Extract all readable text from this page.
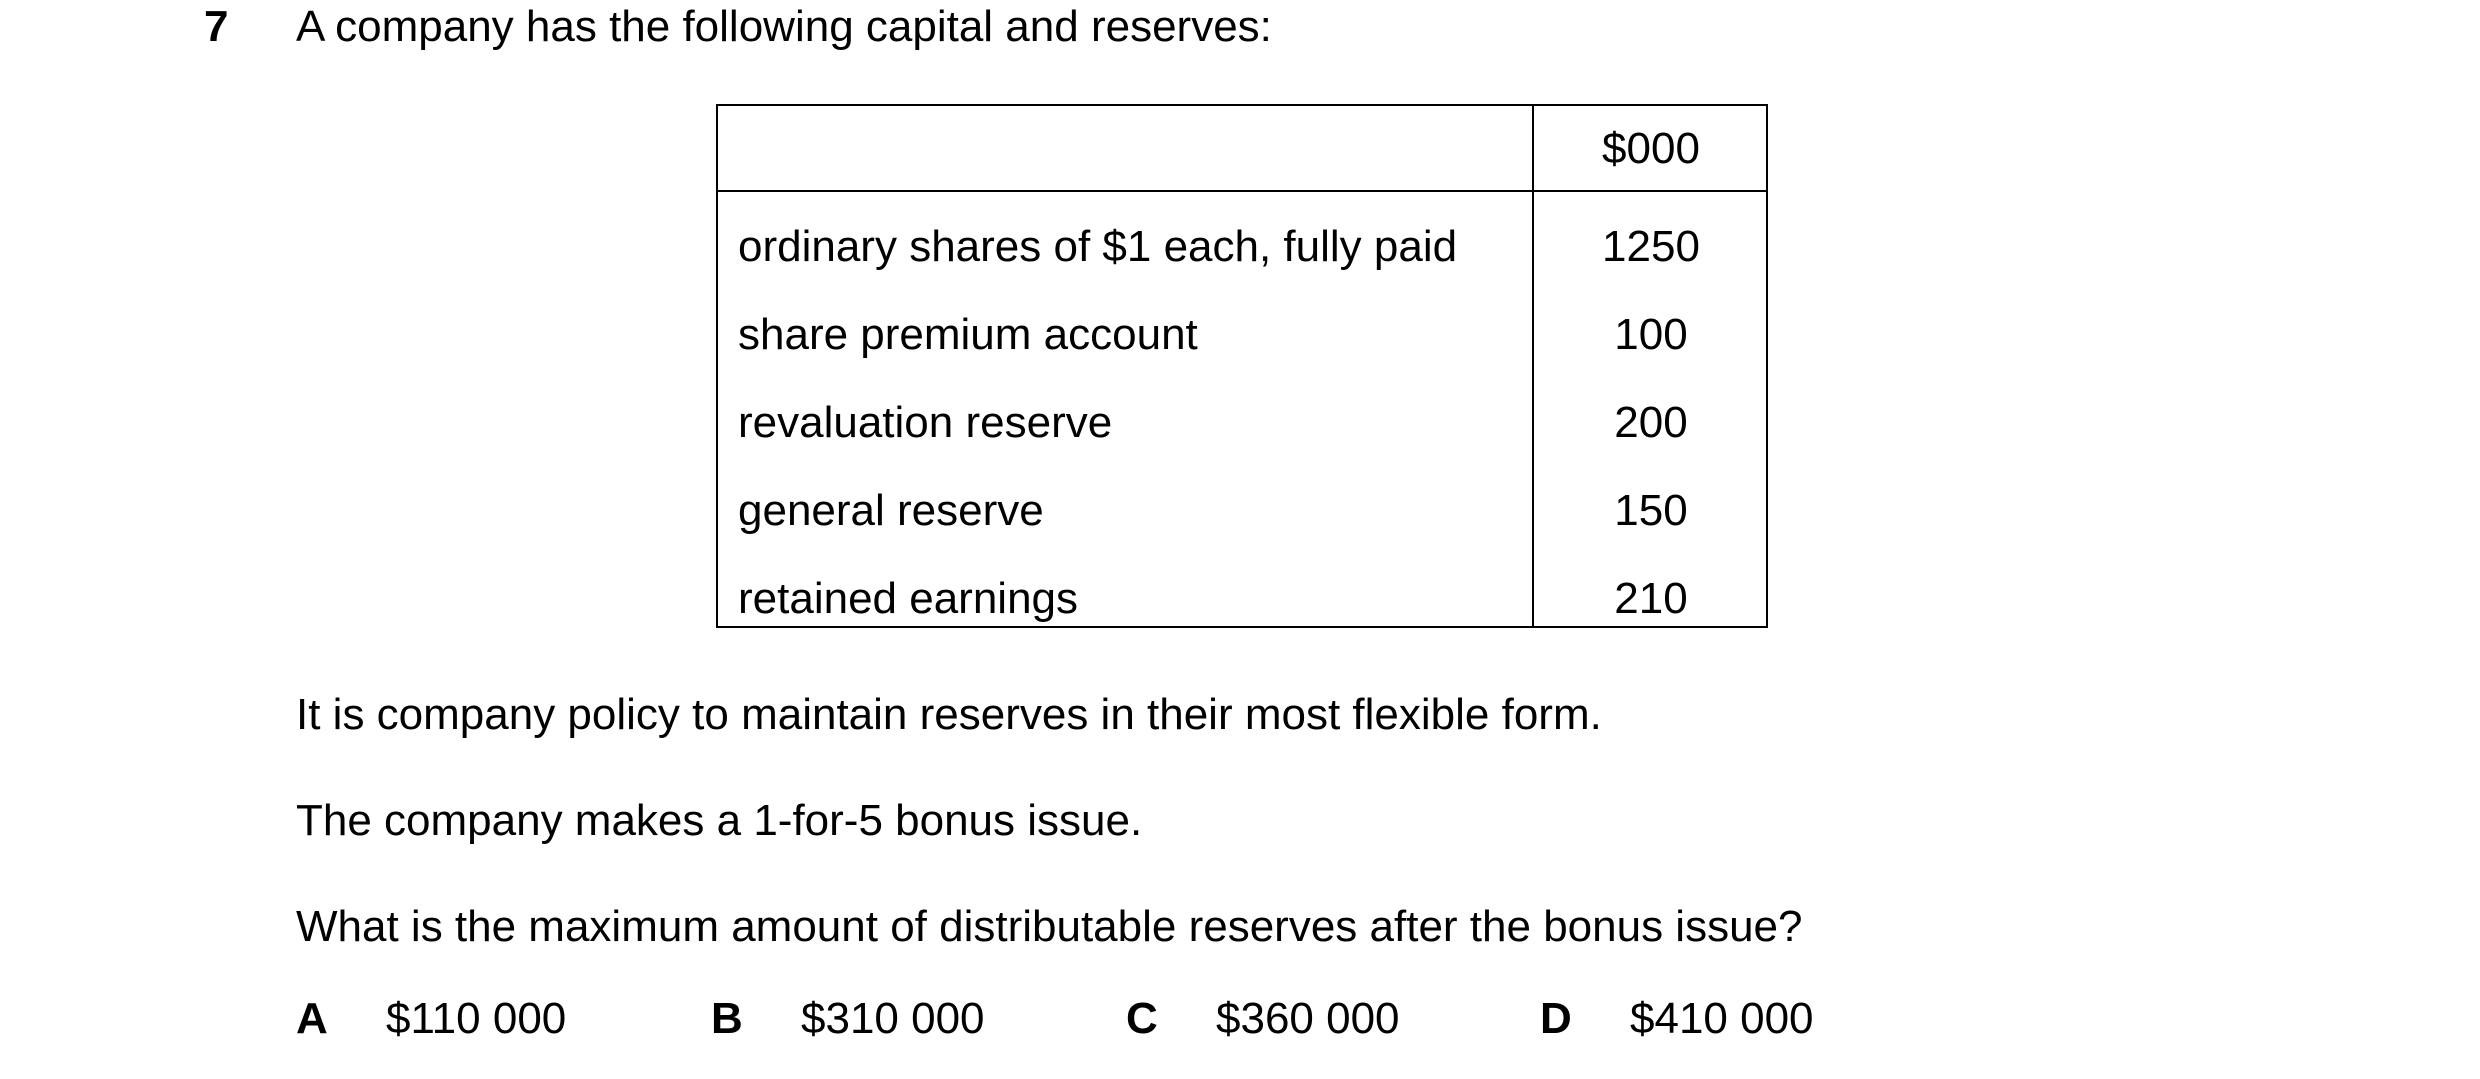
7 A company has the following capital and reserves:
$000
ordinary shares of $1 each, fully paid	1250
share premium account	100
revaluation reserve	200
general reserve	150
retained earnings	210
It is company policy to maintain reserves in their most flexible form.
The company makes a 1-for-5 bonus issue.
What is the maximum amount of distributable reserves after the bonus issue?
A $110 000	B $310 000	C $360 000	D $410 000
